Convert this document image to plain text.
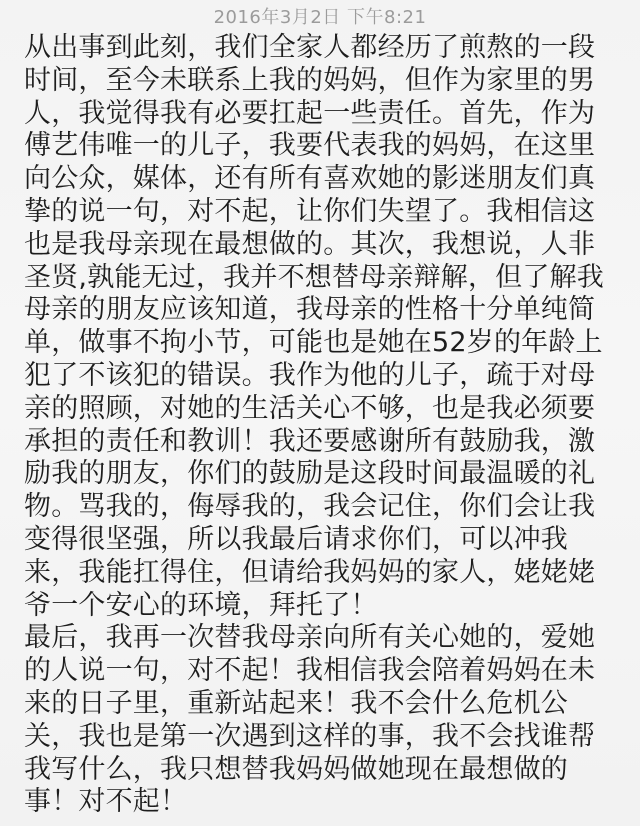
2016年3月2日 下午8:21
从出事到此刻，我们全家人都经历了煎熬的一段
时间，至今未联系上我的妈妈，但作为家里的男
人，我觉得我有必要扛起一些责任。首先，作为
傅艺伟唯一的儿子，我要代表我的妈妈，在这里
向公众，媒体，还有所有喜欢她的影迷朋友们真
挚的说一句，对不起，让你们失望了。我相信这
也是我母亲现在最想做的。其次，我想说，人非
圣贤,孰能无过，我并不想替母亲辩解，但了解我
母亲的朋友应该知道，我母亲的性格十分单纯简
单，做事不拘小节，可能也是她在52岁的年龄上
犯了不该犯的错误。我作为他的儿子，疏于对母
亲的照顾，对她的生活关心不够，也是我必须要
承担的责任和教训！我还要感谢所有鼓励我，激
励我的朋友，你们的鼓励是这段时间最温暖的礼
物。骂我的，侮辱我的，我会记住，你们会让我
变得很坚强，所以我最后请求你们，可以冲我
来，我能扛得住，但请给我妈妈的家人，姥姥姥
爷一个安心的环境，拜托了！
最后，我再一次替我母亲向所有关心她的，爱她
的人说一句，对不起！我相信我会陪着妈妈在未
来的日子里，重新站起来！我不会什么危机公
关，我也是第一次遇到这样的事，我不会找谁帮
我写什么，我只想替我妈妈做她现在最想做的
事！对不起！
